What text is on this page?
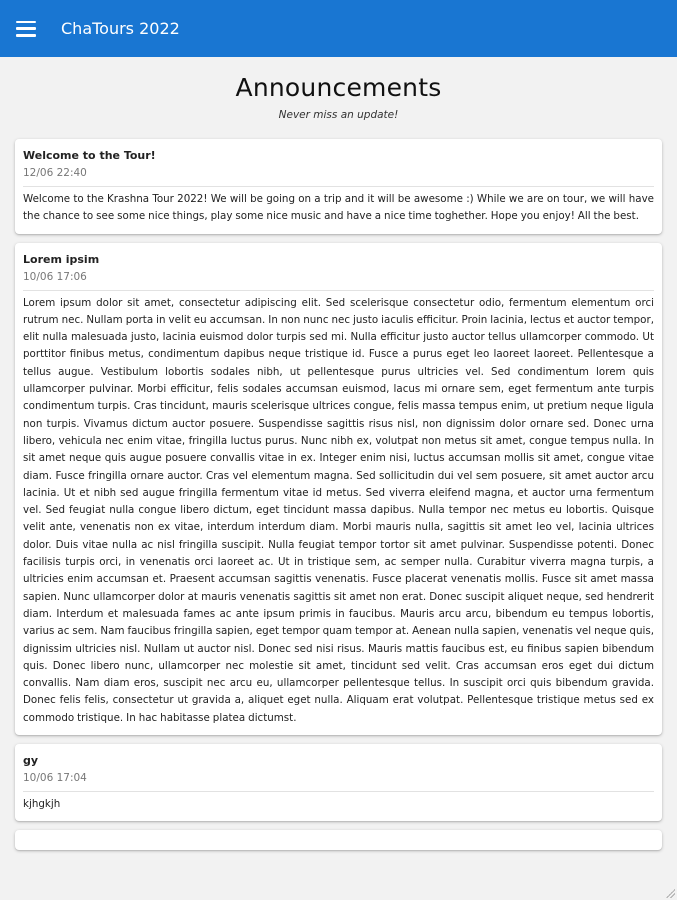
ChaTours 2022
Announcements
Never miss an update!
Welcome to the Tour!
12/06 22:40
Welcome to the Krashna Tour 2022! We will be going on a trip and it will be awesome :) While we are on tour, we will have the chance to see some nice things, play some nice music and have a nice time toghether. Hope you enjoy! All the best.
Lorem ipsim
10/06 17:06
Lorem ipsum dolor sit amet, consectetur adipiscing elit. Sed scelerisque consectetur odio, fermentum elementum orci rutrum nec. Nullam porta in velit eu accumsan. In non nunc nec justo iaculis efficitur. Proin lacinia, lectus et auctor tempor, elit nulla malesuada justo, lacinia euismod dolor turpis sed mi. Nulla efficitur justo auctor tellus ullamcorper commodo. Ut porttitor finibus metus, condimentum dapibus neque tristique id. Fusce a purus eget leo laoreet laoreet. Pellentesque a tellus augue. Vestibulum lobortis sodales nibh, ut pellentesque purus ultricies vel. Sed condimentum lorem quis ullamcorper pulvinar. Morbi efficitur, felis sodales accumsan euismod, lacus mi ornare sem, eget fermentum ante turpis condimentum turpis. Cras tincidunt, mauris scelerisque ultrices congue, felis massa tempus enim, ut pretium neque ligula non turpis. Vivamus dictum auctor posuere. Suspendisse sagittis risus nisl, non dignissim dolor ornare sed. Donec urna libero, vehicula nec enim vitae, fringilla luctus purus. Nunc nibh ex, volutpat non metus sit amet, congue tempus nulla. In sit amet neque quis augue posuere convallis vitae in ex. Integer enim nisi, luctus accumsan mollis sit amet, congue vitae diam. Fusce fringilla ornare auctor. Cras vel elementum magna. Sed sollicitudin dui vel sem posuere, sit amet auctor arcu lacinia. Ut et nibh sed augue fringilla fermentum vitae id metus. Sed viverra eleifend magna, et auctor urna fermentum vel. Sed feugiat nulla congue libero dictum, eget tincidunt massa dapibus. Nulla tempor nec metus eu lobortis. Quisque velit ante, venenatis non ex vitae, interdum interdum diam. Morbi mauris nulla, sagittis sit amet leo vel, lacinia ultrices dolor. Duis vitae nulla ac nisl fringilla suscipit. Nulla feugiat tempor tortor sit amet pulvinar. Suspendisse potenti. Donec facilisis turpis orci, in venenatis orci laoreet ac. Ut in tristique sem, ac semper nulla. Curabitur viverra magna turpis, a ultricies enim accumsan et. Praesent accumsan sagittis venenatis. Fusce placerat venenatis mollis. Fusce sit amet massa sapien. Nunc ullamcorper dolor at mauris venenatis sagittis sit amet non erat. Donec suscipit aliquet neque, sed hendrerit diam. Interdum et malesuada fames ac ante ipsum primis in faucibus. Mauris arcu arcu, bibendum eu tempus lobortis, varius ac sem. Nam faucibus fringilla sapien, eget tempor quam tempor at. Aenean nulla sapien, venenatis vel neque quis, dignissim ultricies nisl. Nullam ut auctor nisl. Donec sed nisi risus. Mauris mattis faucibus est, eu finibus sapien bibendum quis. Donec libero nunc, ullamcorper nec molestie sit amet, tincidunt sed velit. Cras accumsan eros eget dui dictum convallis. Nam diam eros, suscipit nec arcu eu, ullamcorper pellentesque tellus. In suscipit orci quis bibendum gravida. Donec felis felis, consectetur ut gravida a, aliquet eget nulla. Aliquam erat volutpat. Pellentesque tristique metus sed ex commodo tristique. In hac habitasse platea dictumst.
gy
10/06 17:04
kjhgkjh
